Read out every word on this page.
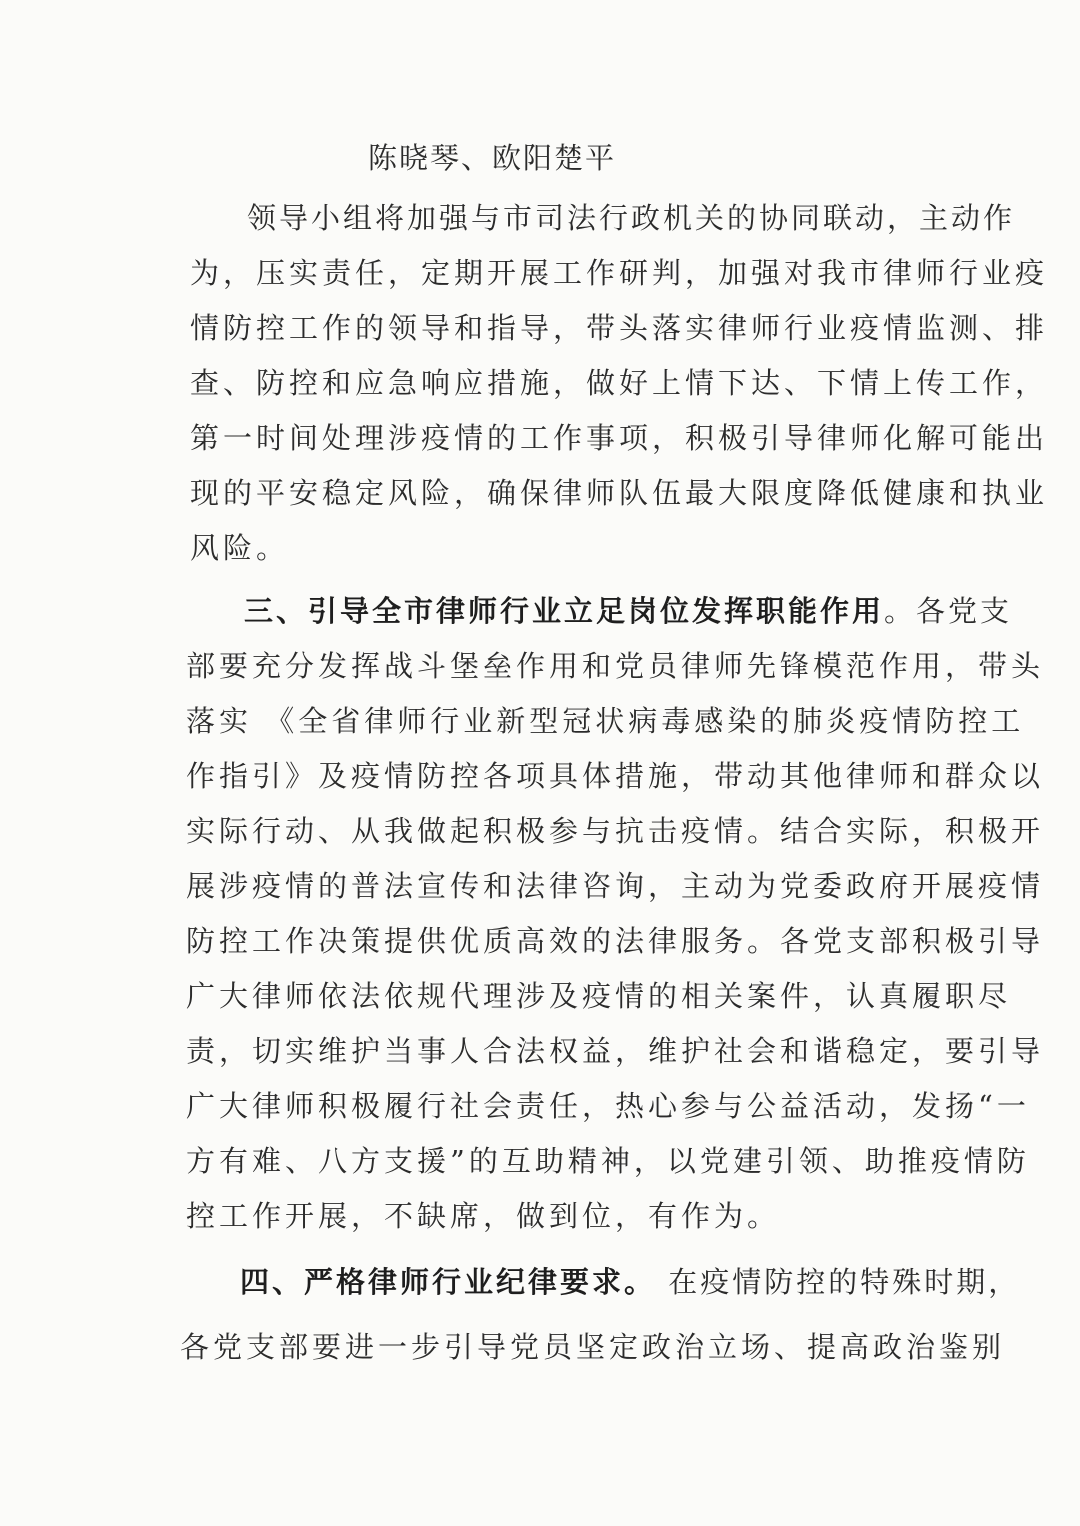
陈晓琴、欧阳楚平

领导小组将加强与市司法行政机关的协同联动，主动作

为，压实责任，定期开展工作研判，加强对我市律师行业疫

情防控工作的领导和指导，带头落实律师行业疫情监测、排

查、防控和应急响应措施，做好上情下达、下情上传工作，

第一时间处理涉疫情的工作事项，积极引导律师化解可能出

现的平安稳定风险，确保律师队伍最大限度降低健康和执业

风险。

三、引导全市律师行业立足岗位发挥职能作用。各党支

部要充分发挥战斗堡垒作用和党员律师先锋模范作用，带头

落实 《全省律师行业新型冠状病毒感染的肺炎疫情防控工

作指引》及疫情防控各项具体措施，带动其他律师和群众以

实际行动、从我做起积极参与抗击疫情。结合实际，积极开

展涉疫情的普法宣传和法律咨询，主动为党委政府开展疫情

防控工作决策提供优质高效的法律服务。各党支部积极引导

广大律师依法依规代理涉及疫情的相关案件，认真履职尽

责，切实维护当事人合法权益，维护社会和谐稳定，要引导

广大律师积极履行社会责任，热心参与公益活动，发扬“一

方有难、八方支援”的互助精神，以党建引领、助推疫情防

控工作开展，不缺席，做到位，有作为。

四、严格律师行业纪律要求。 在疫情防控的特殊时期，

各党支部要进一步引导党员坚定政治立场、提高政治鉴别
